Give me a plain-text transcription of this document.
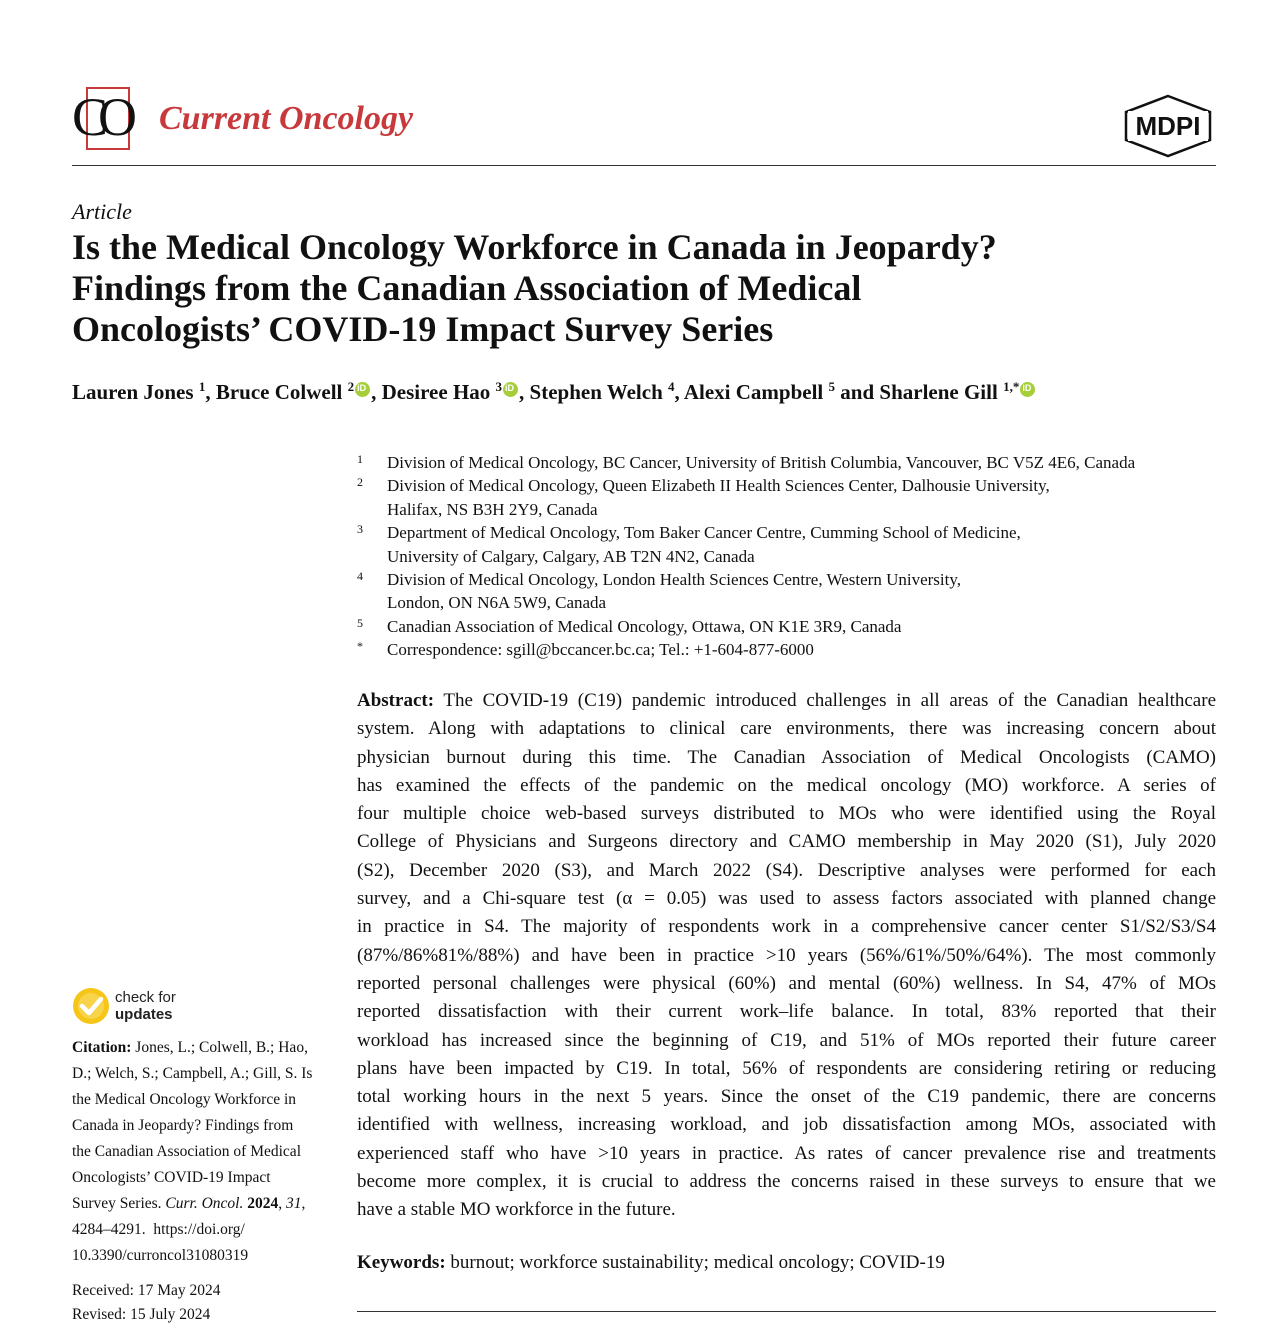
CO Current Oncology	MDPI
Article
Is the Medical Oncology Workforce in Canada in Jeopardy?
Findings from the Canadian Association of Medical
Oncologists’ COVID-19 Impact Survey Series
Lauren Jones $^1$, Bruce Colwell $^2$ iD , Desiree Hao $^3$ iD , Stephen Welch $^4$, Alexi Campbell $^5$ and Sharlene Gill $^{1,*}$iD
1 Division of Medical Oncology, BC Cancer, University of British Columbia, Vancouver, BC V5Z 4E6, Canada
2 Division of Medical Oncology, Queen Elizabeth II Health Sciences Center, Dalhousie University,
Halifax, NS B3H 2Y9, Canada
3 Department of Medical Oncology, Tom Baker Cancer Centre, Cumming School of Medicine,
University of Calgary, Calgary, AB T2N 4N2, Canada
4 Division of Medical Oncology, London Health Sciences Centre, Western University,
London, ON N6A 5W9, Canada
5 Canadian Association of Medical Oncology, Ottawa, ON K1E 3R9, Canada
* Correspondence: sgill@bccancer.bc.ca; Tel.: +1-604-877-6000
Abstract: The COVID-19 (C19) pandemic introduced challenges in all areas of the Canadian healthcare
system. Along with adaptations to clinical care environments, there was increasing concern about
physician burnout during this time. The Canadian Association of Medical Oncologists (CAMO)
has examined the effects of the pandemic on the medical oncology (MO) workforce. A series of
four multiple choice web-based surveys distributed to MOs who were identified using the Royal
College of Physicians and Surgeons directory and CAMO membership in May 2020 (S1), July 2020
(S2), December 2020 (S3), and March 2022 (S4). Descriptive analyses were performed for each
survey, and a Chi-square test (α = 0.05) was used to assess factors associated with planned change
in practice in S4. The majority of respondents work in a comprehensive cancer center S1/S2/S3/S4
(87%/86%81%/88%) and have been in practice >10 years (56%/61%/50%/64%). The most commonly
reported personal challenges were physical (60%) and mental (60%) wellness. In S4, 47% of MOs
reported dissatisfaction with their current work–life balance. In total, 83% reported that their
workload has increased since the beginning of C19, and 51% of MOs reported their future career
plans have been impacted by C19. In total, 56% of respondents are considering retiring or reducing
total working hours in the next 5 years. Since the onset of the C19 pandemic, there are concerns
identified with wellness, increasing workload, and job dissatisfaction among MOs, associated with
experienced staff who have >10 years in practice. As rates of cancer prevalence rise and treatments
become more complex, it is crucial to address the concerns raised in these surveys to ensure that we
have a stable MO workforce in the future.
Keywords: burnout; workforce sustainability; medical oncology; COVID-19
check for
updates
Citation: Jones, L.; Colwell, B.; Hao,
D.; Welch, S.; Campbell, A.; Gill, S. Is
the Medical Oncology Workforce in
Canada in Jeopardy? Findings from
the Canadian Association of Medical
Oncologists’ COVID-19 Impact
Survey Series. Curr. Oncol. 2024, 31,
4284–4291. https://doi.org/
10.3390/curroncol31080319
Received: 17 May 2024
Revised: 15 July 2024
